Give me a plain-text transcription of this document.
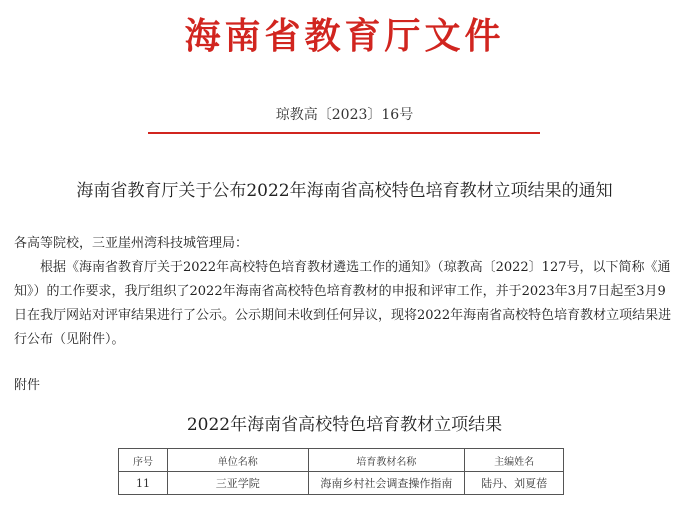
海南省教育厅文件
琼教高〔2023〕16号
海南省教育厅关于公布2022年海南省高校特色培育教材立项结果的通知
各高等院校，三亚崖州湾科技城管理局：
根据《海南省教育厅关于2022年高校特色培育教材遴选工作的通知》（琼教高〔2022〕127号，以下简称《通知》）的工作要求，我厅组织了2022年海南省高校特色培育教材的申报和评审工作，并于2023年3月7日起至3月9日在我厅网站对评审结果进行了公示。公示期间未收到任何异议，现将2022年海南省高校特色培育教材立项结果进行公布（见附件）。
附件
2022年海南省高校特色培育教材立项结果
序号	单位名称	培育教材名称	主编姓名
11	三亚学院	海南乡村社会调查操作指南	陆丹、刘夏蓓
